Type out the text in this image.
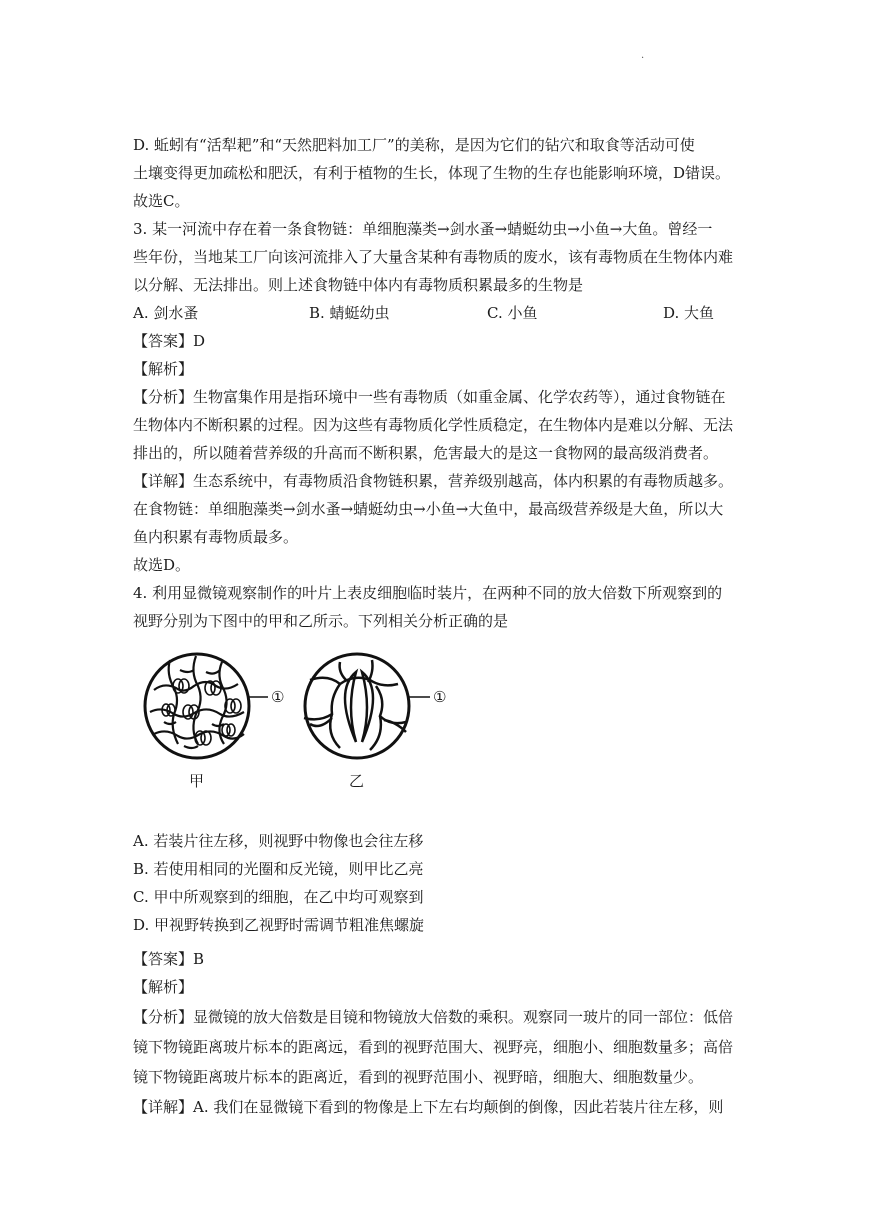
.
D. 蚯蚓有“活犁耙”和“天然肥料加工厂”的美称，是因为它们的钻穴和取食等活动可使
土壤变得更加疏松和肥沃，有利于植物的生长，体现了生物的生存也能影响环境，D错误。
故选C。
3. 某一河流中存在着一条食物链：单细胞藻类→剑水蚤→蜻蜓幼虫→小鱼→大鱼。曾经一
些年份，当地某工厂向该河流排入了大量含某种有毒物质的废水，该有毒物质在生物体内难
以分解、无法排出。则上述食物链中体内有毒物质积累最多的生物是
A. 剑水蚤	B. 蜻蜓幼虫	C. 小鱼	D. 大鱼
【答案】D
【解析】
【分析】生物富集作用是指环境中一些有毒物质（如重金属、化学农药等），通过食物链在
生物体内不断积累的过程。因为这些有毒物质化学性质稳定，在生物体内是难以分解、无法
排出的，所以随着营养级的升高而不断积累，危害最大的是这一食物网的最高级消费者。
【详解】生态系统中，有毒物质沿食物链积累，营养级别越高，体内积累的有毒物质越多。
在食物链：单细胞藻类→剑水蚤→蜻蜓幼虫→小鱼→大鱼中，最高级营养级是大鱼，所以大
鱼内积累有毒物质最多。
故选D。
4. 利用显微镜观察制作的叶片上表皮细胞临时装片，在两种不同的放大倍数下所观察到的
视野分别为下图中的甲和乙所示。下列相关分析正确的是
①	①
甲	乙
A. 若装片往左移，则视野中物像也会往左移
B. 若使用相同的光圈和反光镜，则甲比乙亮
C. 甲中所观察到的细胞，在乙中均可观察到
D. 甲视野转换到乙视野时需调节粗准焦螺旋
【答案】B
【解析】
【分析】显微镜的放大倍数是目镜和物镜放大倍数的乘积。观察同一玻片的同一部位：低倍
镜下物镜距离玻片标本的距离远，看到的视野范围大、视野亮，细胞小、细胞数量多；高倍
镜下物镜距离玻片标本的距离近，看到的视野范围小、视野暗，细胞大、细胞数量少。
【详解】A. 我们在显微镜下看到的物像是上下左右均颠倒的倒像，因此若装片往左移，则
